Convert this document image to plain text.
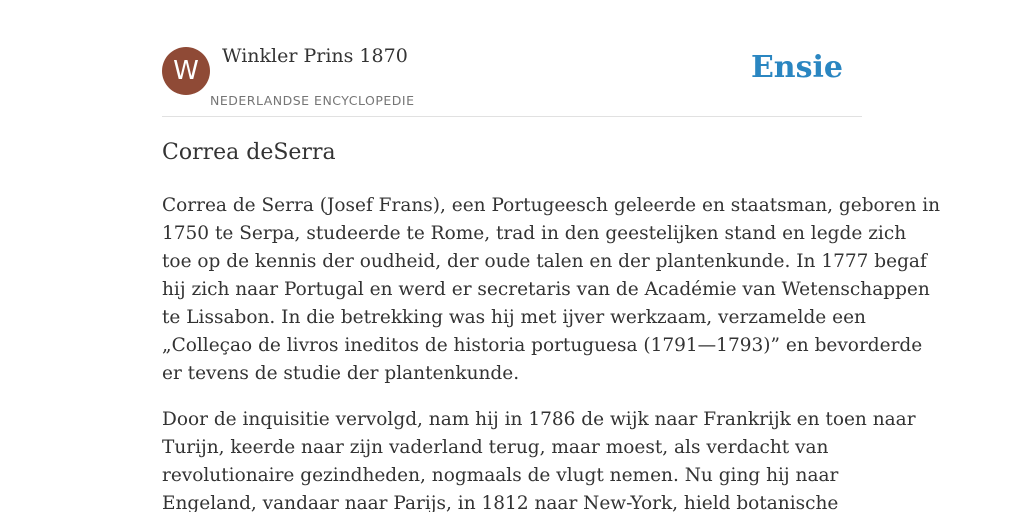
W	Winkler Prins 1870
NEDERLANDSE ENCYCLOPEDIE
Ensie
Correa deSerra

Correa de Serra (Josef Frans), een Portugeesch geleerde en staatsman, geboren in
1750 te Serpa, studeerde te Rome, trad in den geestelijken stand en legde zich
toe op de kennis der oudheid, der oude talen en der plantenkunde. In 1777 begaf
hij zich naar Portugal en werd er secretaris van de Académie van Wetenschappen
te Lissabon. In die betrekking was hij met ijver werkzaam, verzamelde een
„Colleçao de livros ineditos de historia portuguesa (1791—1793)” en bevorderde
er tevens de studie der plantenkunde.

Door de inquisitie vervolgd, nam hij in 1786 de wijk naar Frankrijk en toen naar
Turijn, keerde naar zijn vaderland terug, maar moest, als verdacht van
revolutionaire gezindheden, nogmaals de vlugt nemen. Nu ging hij naar
Engeland, vandaar naar Parijs, in 1812 naar New-York, hield botanische
